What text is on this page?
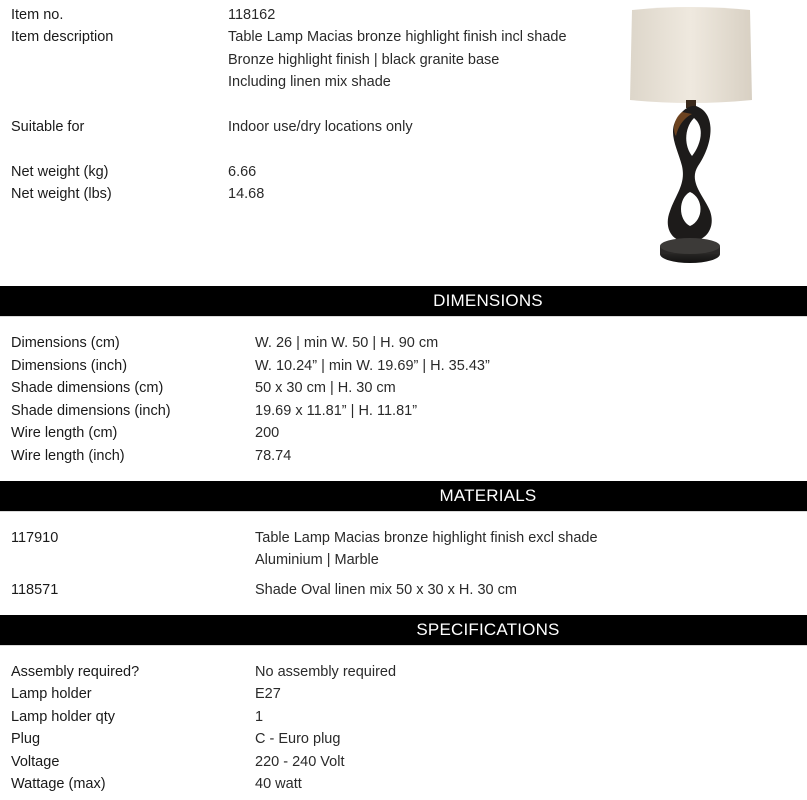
Item no.	118162
Item description	Table Lamp Macias bronze highlight finish incl shade
Bronze highlight finish | black granite base
Including linen mix shade
Suitable for	Indoor use/dry locations only
Net weight (kg)	6.66
Net weight (lbs)	14.68
DIMENSIONS
Dimensions (cm)	W. 26 | min W. 50 | H. 90 cm
Dimensions (inch)	W. 10.24” | min W. 19.69” | H. 35.43”
Shade dimensions (cm)	50 x 30 cm | H. 30 cm
Shade dimensions (inch)	19.69 x 11.81” | H. 11.81”
Wire length (cm)	200
Wire length (inch)	78.74
MATERIALS
117910	Table Lamp Macias bronze highlight finish excl shade
Aluminium | Marble
118571	Shade Oval linen mix 50 x 30 x H. 30 cm
SPECIFICATIONS
Assembly required?	No assembly required
Lamp holder	E27
Lamp holder qty	1
Plug	C - Euro plug
Voltage	220 - 240 Volt
Wattage (max)	40 watt
